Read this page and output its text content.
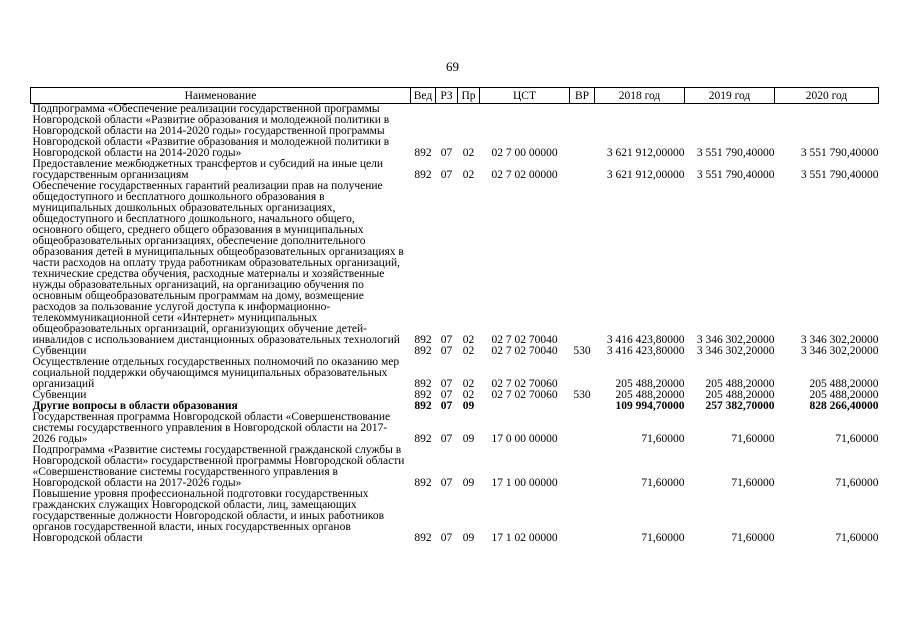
69
Наименование	Вед	РЗ	Пр	ЦСТ	ВР	2018 год	2019 год	2020 год
Подпрограмма «Обеспечение реализации государственной программы Новгородской области «Развитие образования и молодежной политики в Новгородской области на 2014-2020 годы» государственной программы Новгородской области «Развитие образования и молодежной политики в Новгородской области на 2014-2020 годы»	892	07	02	02 7 00 00000		3 621 912,00000	3 551 790,40000	3 551 790,40000
Предоставление межбюджетных трансфертов и субсидий на иные цели государственным организациям	892	07	02	02 7 02 00000		3 621 912,00000	3 551 790,40000	3 551 790,40000
Обеспечение государственных гарантий реализации прав на получение общедоступного и бесплатного дошкольного образования в муниципальных дошкольных образовательных организациях, общедоступного и бесплатного дошкольного, начального общего, основного общего, среднего общего образования в муниципальных общеобразовательных организациях, обеспечение дополнительного образования детей в муниципальных общеобразовательных организациях в части расходов на оплату труда работникам образовательных организаций, технические средства обучения, расходные материалы и хозяйственные нужды образовательных организаций, на организацию обучения по основным общеобразовательным программам на дому, возмещение расходов за пользование услугой доступа к информационно-телекоммуникационной сети «Интернет» муниципальных общеобразовательных организаций, организующих обучение детей-инвалидов с использованием дистанционных образовательных технологий	892	07	02	02 7 02 70040		3 416 423,80000	3 346 302,20000	3 346 302,20000
Субвенции	892	07	02	02 7 02 70040	530	3 416 423,80000	3 346 302,20000	3 346 302,20000
Осуществление отдельных государственных полномочий по оказанию мер социальной поддержки обучающимся муниципальных образовательных организаций	892	07	02	02 7 02 70060		205 488,20000	205 488,20000	205 488,20000
Субвенции	892	07	02	02 7 02 70060	530	205 488,20000	205 488,20000	205 488,20000
Другие вопросы в области образования	892	07	09			109 994,70000	257 382,70000	828 266,40000
Государственная программа Новгородской области «Совершенствование системы государственного управления в Новгородской области на 2017-2026 годы»	892	07	09	17 0 00 00000		71,60000	71,60000	71,60000
Подпрограмма «Развитие системы государственной гражданской службы в Новгородской области» государственной программы Новгородской области «Совершенствование системы государственного управления в Новгородской области на 2017-2026 годы»	892	07	09	17 1 00 00000		71,60000	71,60000	71,60000
Повышение уровня профессиональной подготовки государственных гражданских служащих Новгородской области, лиц, замещающих государственные должности Новгородской области, и иных работников органов государственной власти, иных государственных органов Новгородской области	892	07	09	17 1 02 00000		71,60000	71,60000	71,60000
